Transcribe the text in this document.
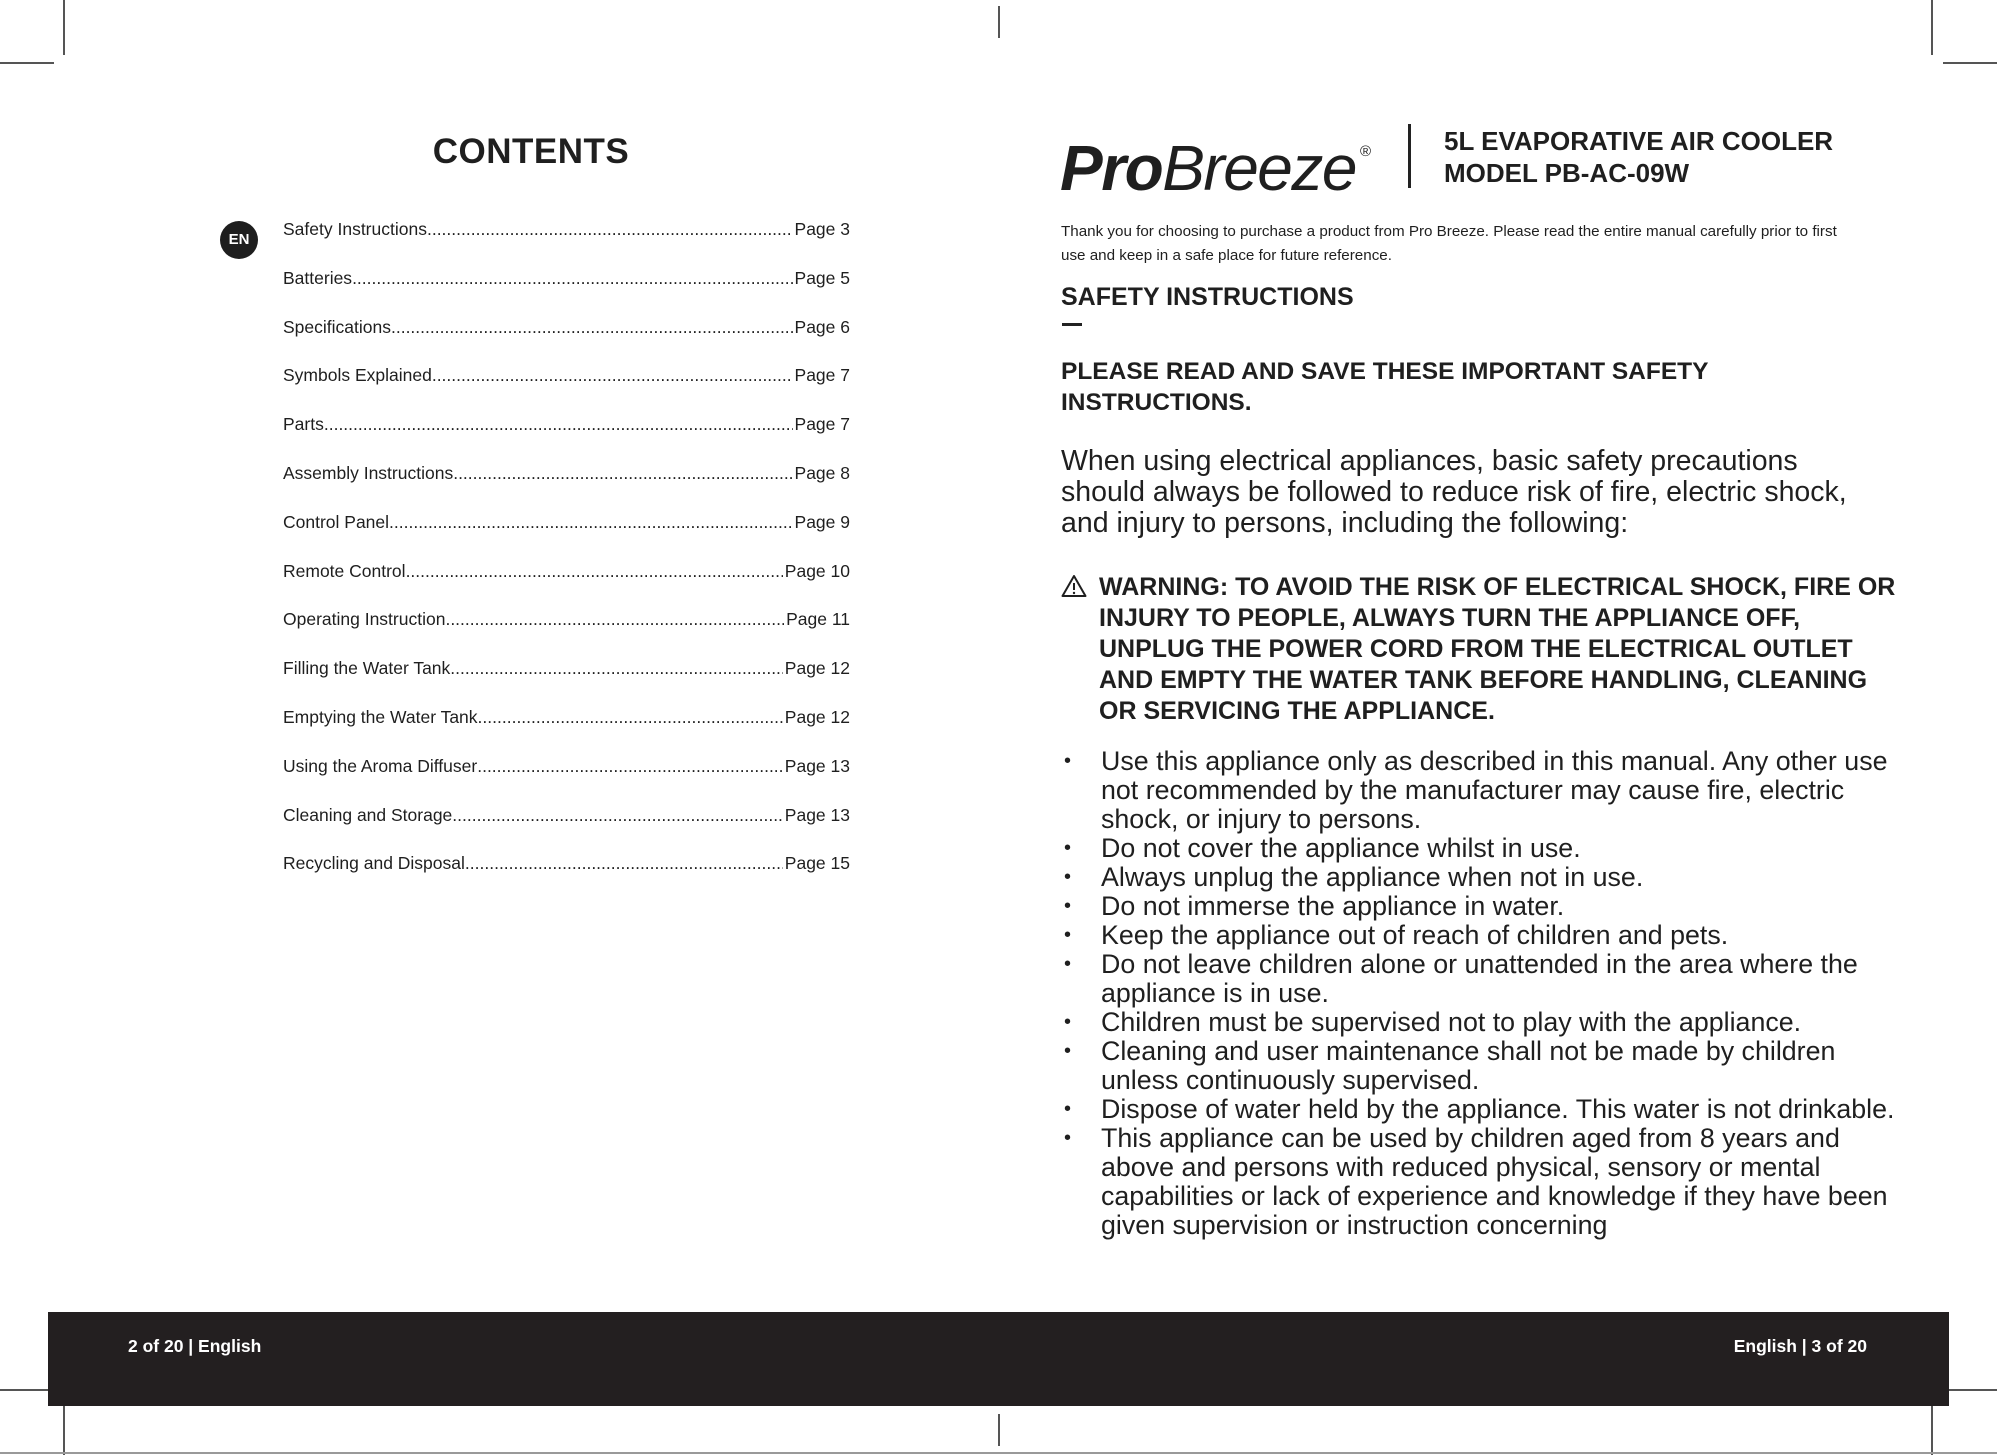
CONTENTS
EN
Safety Instructions .....	Page 3
Batteries .....	Page 5
Specifications .....	Page 6
Symbols Explained .....	Page 7
Parts .....	Page 7
Assembly Instructions .....	Page 8
Control Panel .....	Page 9
Remote Control .....	Page 10
Operating Instruction .....	Page 11
Filling the Water Tank .....	Page 12
Emptying the Water Tank .....	Page 12
Using the Aroma Diffuser .....	Page 13
Cleaning and Storage .....	Page 13
Recycling and Disposal .....	Page 15
ProBreeze ®	5L EVAPORATIVE AIR COOLER
MODEL PB-AC-09W
Thank you for choosing to purchase a product from Pro Breeze. Please read the entire manual carefully prior to first use and keep in a safe place for future reference.
SAFETY INSTRUCTIONS
PLEASE READ AND SAVE THESE IMPORTANT SAFETY INSTRUCTIONS.
When using electrical appliances, basic safety precautions should always be followed to reduce risk of fire, electric shock, and injury to persons, including the following:
WARNING: TO AVOID THE RISK OF ELECTRICAL SHOCK, FIRE OR INJURY TO PEOPLE, ALWAYS TURN THE APPLIANCE OFF, UNPLUG THE POWER CORD FROM THE ELECTRICAL OUTLET AND EMPTY THE WATER TANK BEFORE HANDLING, CLEANING OR SERVICING THE APPLIANCE.
• Use this appliance only as described in this manual. Any other use not recommended by the manufacturer may cause fire, electric shock, or injury to persons.
• Do not cover the appliance whilst in use.
• Always unplug the appliance when not in use.
• Do not immerse the appliance in water.
• Keep the appliance out of reach of children and pets.
• Do not leave children alone or unattended in the area where the appliance is in use.
• Children must be supervised not to play with the appliance.
• Cleaning and user maintenance shall not be made by children unless continuously supervised.
• Dispose of water held by the appliance. This water is not drinkable.
• This appliance can be used by children aged from 8 years and above and persons with reduced physical, sensory or mental capabilities or lack of experience and knowledge if they have been given supervision or instruction concerning
2 of 20 | English	English | 3 of 20
